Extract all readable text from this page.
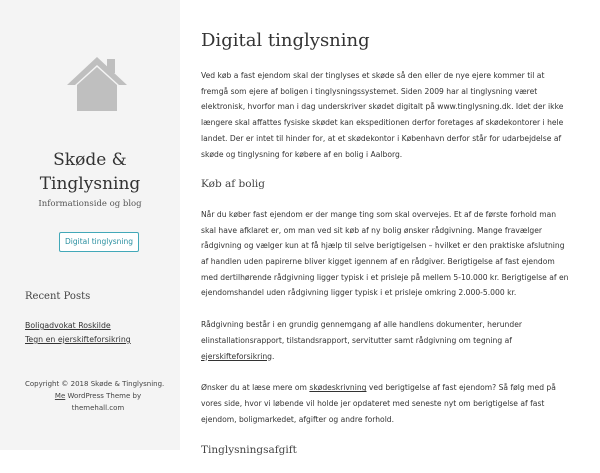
Skøde &
Tinglysning
Informationside og blog
Digital tinglysning
Recent Posts
Boligadvokat Roskilde
Tegn en ejerskifteforsikring
Copyright © 2018 Skøde & Tinglysning.
Me WordPress Theme by
themehall.com
Digital tinglysning

Ved køb a fast ejendom skal der tinglyses et skøde så den eller de nye ejere kommer til at fremgå som ejere af boligen i tinglysningssystemet. Siden 2009 har al tinglysning været elektronisk, hvorfor man i dag underskriver skødet digitalt på www.tinglysning.dk. Idet der ikke længere skal affattes fysiske skødet kan ekspeditionen derfor foretages af skødekontorer i hele landet. Der er intet til hinder for, at et skødekontor i København derfor står for udarbejdelse af skøde og tinglysning for købere af en bolig i Aalborg.

Køb af bolig

Når du køber fast ejendom er der mange ting som skal overvejes. Et af de første forhold man skal have afklaret er, om man ved sit køb af ny bolig ønsker rådgivning. Mange fravælger rådgivning og vælger kun at få hjælp til selve berigtigelsen – hvilket er den praktiske afslutning af handlen uden papirerne bliver kigget igennem af en rådgiver. Berigtigelse af fast ejendom med dertilhørende rådgivning ligger typisk i et prisleje på mellem 5-10.000 kr. Berigtigelse af en ejendomshandel uden rådgivning ligger typisk i et prisleje omkring 2.000-5.000 kr.

Rådgivning består i en grundig gennemgang af alle handlens dokumenter, herunder elinstallationsrapport, tilstandsrapport, servitutter samt rådgivning om tegning af ejerskifteforsikring.

Ønsker du at læse mere om skødeskrivning ved berigtigelse af fast ejendom? Så følg med på vores side, hvor vi løbende vil holde jer opdateret med seneste nyt om berigtigelse af fast ejendom, boligmarkedet, afgifter og andre forhold.

Tinglysningsafgift
